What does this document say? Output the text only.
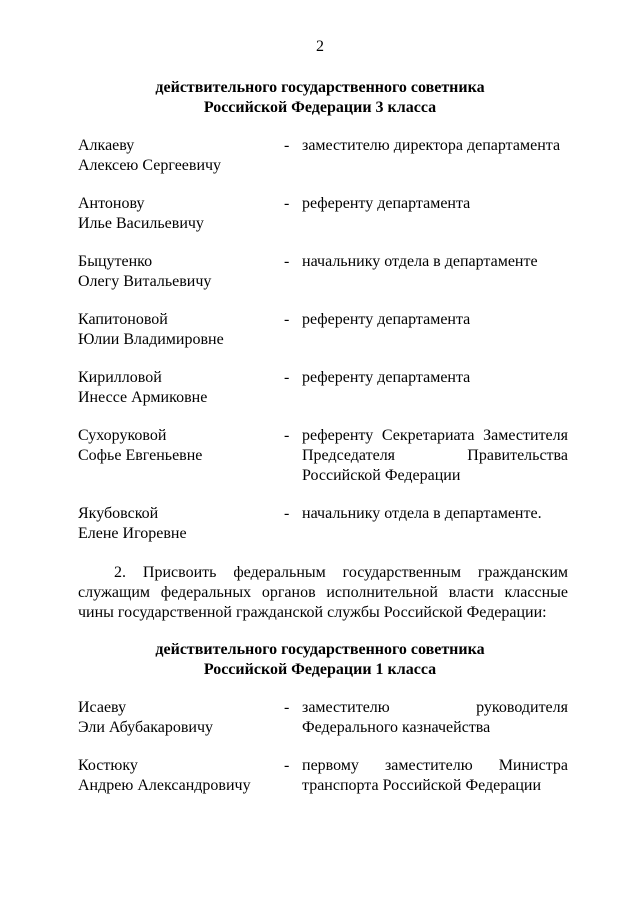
2
действительного государственного советника
Российской Федерации 3 класса
Алкаеву
Алексею Сергеевичу
- заместителю директора департамента
Антонову
Илье Васильевичу
- референту департамента
Быцутенко
Олегу Витальевичу
- начальнику отдела в департаменте
Капитоновой
Юлии Владимировне
- референту департамента
Кирилловой
Инессе Армиковне
- референту департамента
Сухоруковой
Софье Евгеньевне
- референту Секретариата Заместителя
Председателя Правительства
Российской Федерации
Якубовской
Елене Игоревне
- начальнику отдела в департаменте.
2. Присвоить федеральным государственным гражданским
служащим федеральных органов исполнительной власти классные
чины государственной гражданской службы Российской Федерации:
действительного государственного советника
Российской Федерации 1 класса
Исаеву
Эли Абубакаровичу
- заместителю руководителя
Федерального казначейства
Костюку
Андрею Александровичу
- первому заместителю Министра
транспорта Российской Федерации
